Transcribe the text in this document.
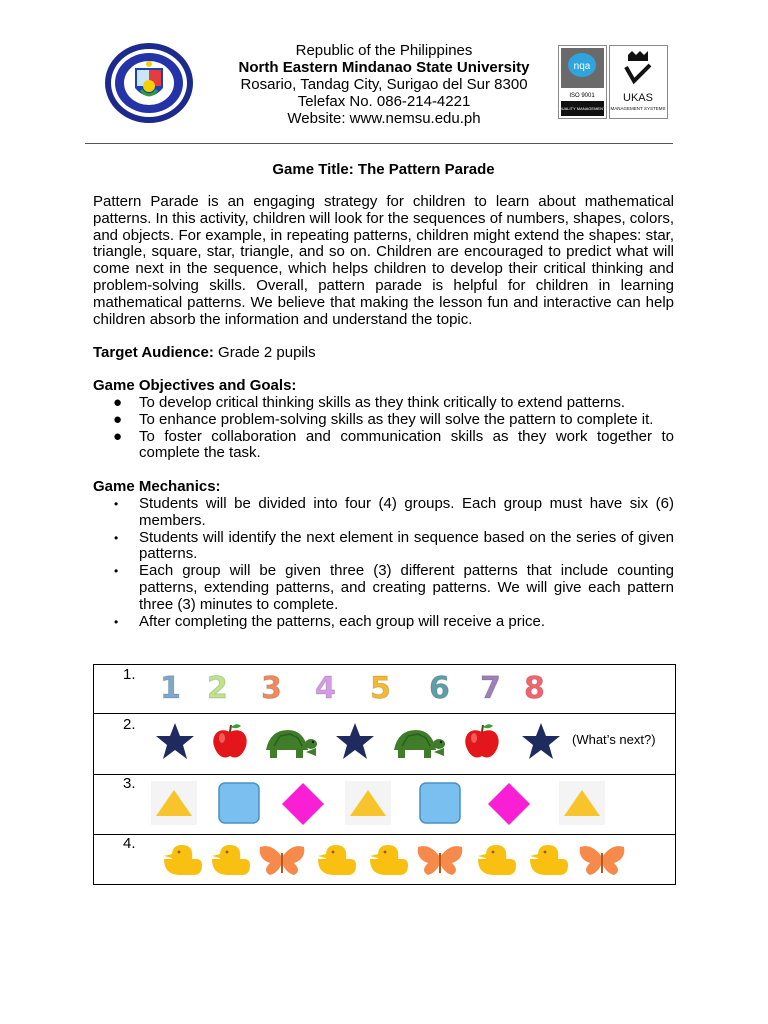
Republic of the Philippines
North Eastern Mindanao State University
Rosario, Tandag City, Surigao del Sur 8300
Telefax No. 086-214-4221
Website: www.nemsu.edu.ph
nqa
ISO 9001
QUALITY MANAGEMENT
UKAS
MANAGEMENT SYSTEMS
Game Title: The Pattern Parade
Pattern Parade is an engaging strategy for children to learn about mathematical patterns. In this activity, children will look for the sequences of numbers, shapes, colors, and objects. For example, in repeating patterns, children might extend the shapes: star, triangle, square, star, triangle, and so on. Children are encouraged to predict what will come next in the sequence, which helps children to develop their critical thinking and problem-solving skills. Overall, pattern parade is helpful for children in learning mathematical patterns. We believe that making the lesson fun and interactive can help children absorb the information and understand the topic.
Target Audience: Grade 2 pupils
Game Objectives and Goals:
● To develop critical thinking skills as they think critically to extend patterns.
● To enhance problem-solving skills as they will solve the pattern to complete it.
● To foster collaboration and communication skills as they work together to complete the task.
Game Mechanics:
• Students will be divided into four (4) groups. Each group must have six (6) members.
• Students will identify the next element in sequence based on the series of given patterns.
• Each group will be given three (3) different patterns that include counting patterns, extending patterns, and creating patterns. We will give each pattern three (3) minutes to complete.
• After completing the patterns, each group will receive a price.
1. 1 2 3 4 5 6 7 8
2.
(What’s next?)
3.
4.
